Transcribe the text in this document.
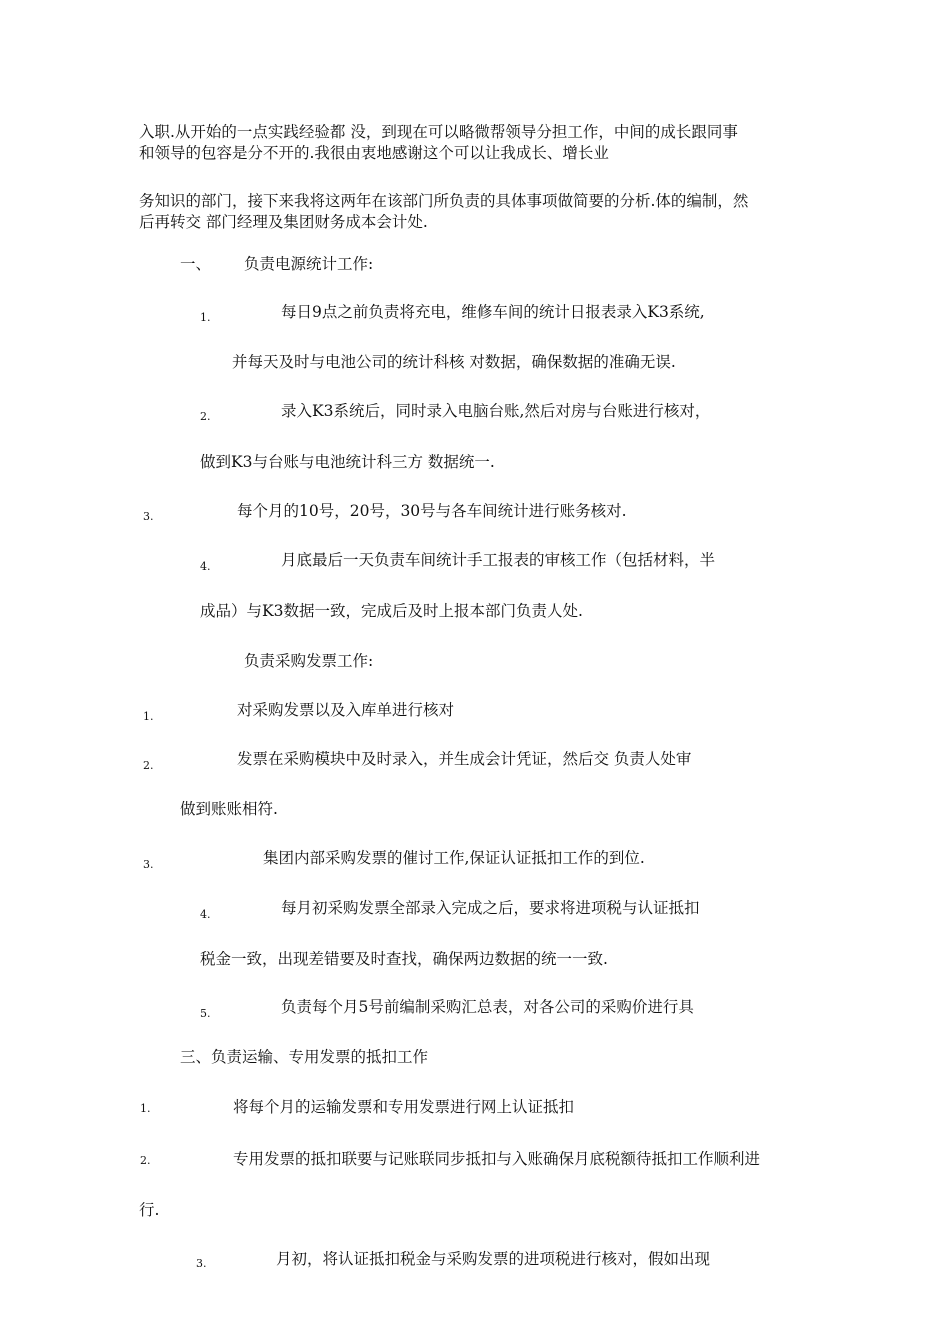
入职.从开始的一点实践经验都 没，到现在可以略微帮领导分担工作，中间的成长跟同事
和领导的包容是分不开的.我很由衷地感谢这个可以让我成长、增长业
务知识的部门，接下来我将这两年在该部门所负责的具体事项做简要的分析.体的编制，然
后再转交 部门经理及集团财务成本会计处.
一、 负责电源统计工作:
1.	每日9点之前负责将充电，维修车间的统计日报表录入K3系统,
并每天及时与电池公司的统计科核 对数据，确保数据的准确无误.
2.	录入K3系统后，同时录入电脑台账,然后对房与台账进行核对，
做到K3与台账与电池统计科三方 数据统一.
3.	每个月的10号，20号，30号与各车间统计进行账务核对.
4.	月底最后一天负责车间统计手工报表的审核工作（包括材料，半
成品）与K3数据一致，完成后及时上报本部门负责人处.
负责采购发票工作:
1.	对采购发票以及入库单进行核对
2.	发票在采购模块中及时录入，并生成会计凭证，然后交 负责人处审
做到账账相符.
3.	集团内部采购发票的催讨工作,保证认证抵扣工作的到位.
4.	每月初采购发票全部录入完成之后，要求将进项税与认证抵扣
税金一致，出现差错要及时查找，确保两边数据的统一一致.
5.	负责每个月5号前编制采购汇总表，对各公司的采购价进行具
三、负责运输、专用发票的抵扣工作
1.	将每个月的运输发票和专用发票进行网上认证抵扣
2.	专用发票的抵扣联要与记账联同步抵扣与入账确保月底税额待抵扣工作顺利进
行.
3.	月初，将认证抵扣税金与采购发票的进项税进行核对，假如出现
